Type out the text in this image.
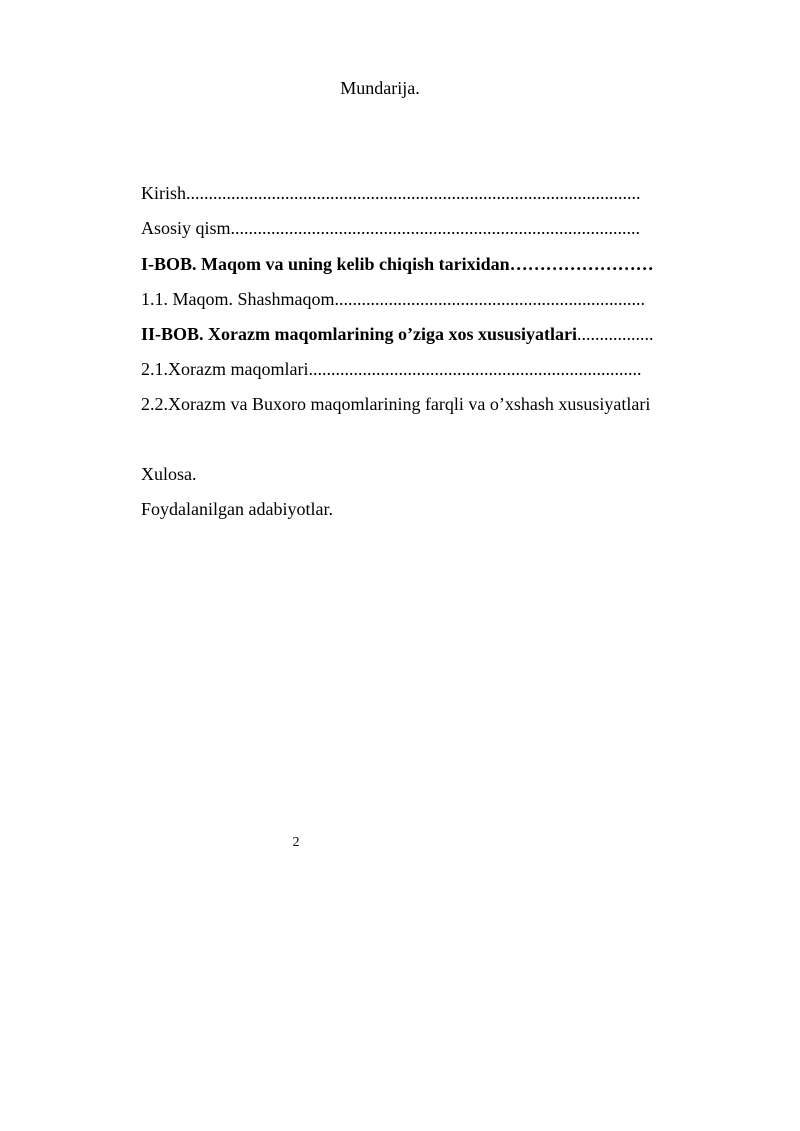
Mundarija.
Kirish.....................................................................................................
Asosiy qism...........................................................................................
I-BOB. Maqom va uning kelib chiqish tarixidan……………………
1.1. Maqom. Shashmaqom.....................................................................
II-BOB. Xorazm maqomlarining o’ziga xos xususiyatlari.................
2.1.Xorazm maqomlari..........................................................................
2.2.Xorazm va Buxoro maqomlarining farqli va o’xshash xususiyatlari
Xulosa.
Foydalanilgan adabiyotlar.
2
